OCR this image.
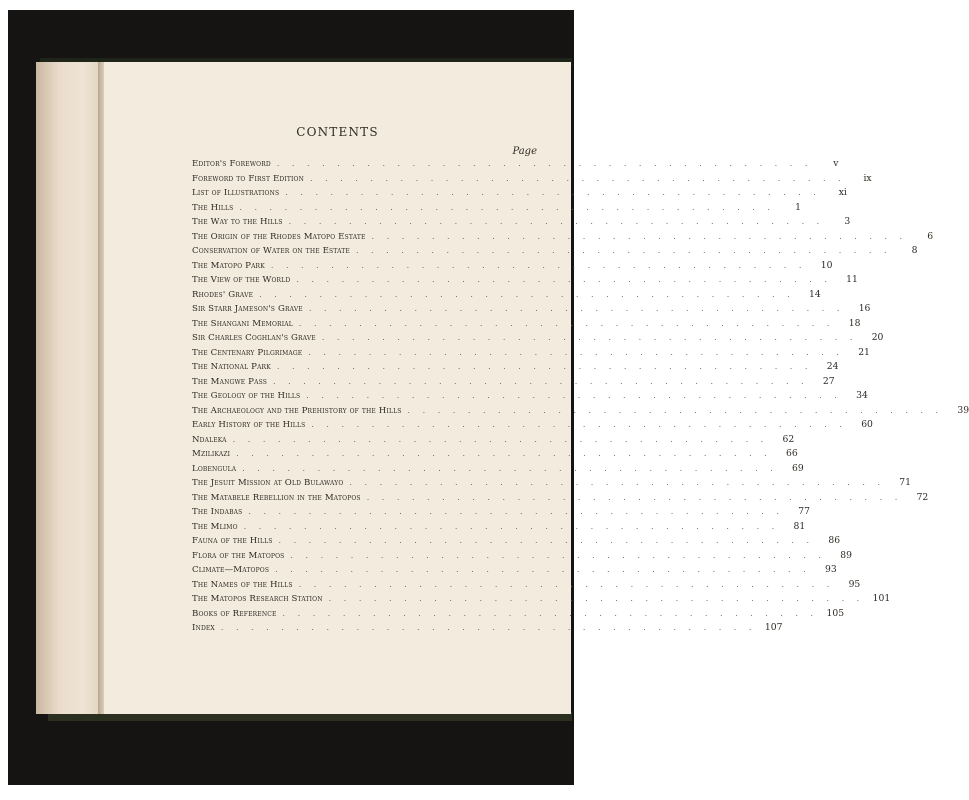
CONTENTS
Page
Editor's Foreword . . . . . . . . . . . . . . . . . . . . . . . . . . . . . . . . . . . .	v
Foreword to First Edition . . . . . . . . . . . . . . . . . . . . . . . . . . . . . . . . . . . .	ix
List of Illustrations . . . . . . . . . . . . . . . . . . . . . . . . . . . . . . . . . . . .	xi
The Hills . . . . . . . . . . . . . . . . . . . . . . . . . . . . . . . . . . . .	1
The Way to the Hills . . . . . . . . . . . . . . . . . . . . . . . . . . . . . . . . . . . .	3
The Origin of the Rhodes Matopo Estate . . . . . . . . . . . . . . . . . . . . . . . . . . . . . . . . . . . .	6
Conservation of Water on the Estate . . . . . . . . . . . . . . . . . . . . . . . . . . . . . . . . . . . .	8
The Matopo Park . . . . . . . . . . . . . . . . . . . . . . . . . . . . . . . . . . . .	10
The View of the World . . . . . . . . . . . . . . . . . . . . . . . . . . . . . . . . . . . .	11
Rhodes' Grave . . . . . . . . . . . . . . . . . . . . . . . . . . . . . . . . . . . .	14
Sir Starr Jameson's Grave . . . . . . . . . . . . . . . . . . . . . . . . . . . . . . . . . . . .	16
The Shangani Memorial . . . . . . . . . . . . . . . . . . . . . . . . . . . . . . . . . . . .	18
Sir Charles Coghlan's Grave . . . . . . . . . . . . . . . . . . . . . . . . . . . . . . . . . . . .	20
The Centenary Pilgrimage . . . . . . . . . . . . . . . . . . . . . . . . . . . . . . . . . . . .	21
The National Park . . . . . . . . . . . . . . . . . . . . . . . . . . . . . . . . . . . .	24
The Mangwe Pass . . . . . . . . . . . . . . . . . . . . . . . . . . . . . . . . . . . .	27
The Geology of the Hills . . . . . . . . . . . . . . . . . . . . . . . . . . . . . . . . . . . .	34
The Archaeology and the Prehistory of the Hills . . . . . . . . . . . . . . . . . . . . . . . . . . . . . . . . . . . .	39
Early History of the Hills . . . . . . . . . . . . . . . . . . . . . . . . . . . . . . . . . . . .	60
Ndaleka . . . . . . . . . . . . . . . . . . . . . . . . . . . . . . . . . . . .	62
Mzilikazi . . . . . . . . . . . . . . . . . . . . . . . . . . . . . . . . . . . .	66
Lobengula . . . . . . . . . . . . . . . . . . . . . . . . . . . . . . . . . . . .	69
The Jesuit Mission at Old Bulawayo . . . . . . . . . . . . . . . . . . . . . . . . . . . . . . . . . . . .	71
The Matabele Rebellion in the Matopos . . . . . . . . . . . . . . . . . . . . . . . . . . . . . . . . . . . .	72
The Indabas . . . . . . . . . . . . . . . . . . . . . . . . . . . . . . . . . . . .	77
The Mlimo . . . . . . . . . . . . . . . . . . . . . . . . . . . . . . . . . . . .	81
Fauna of the Hills . . . . . . . . . . . . . . . . . . . . . . . . . . . . . . . . . . . .	86
Flora of the Matopos . . . . . . . . . . . . . . . . . . . . . . . . . . . . . . . . . . . .	89
Climate—Matopos . . . . . . . . . . . . . . . . . . . . . . . . . . . . . . . . . . . .	93
The Names of the Hills . . . . . . . . . . . . . . . . . . . . . . . . . . . . . . . . . . . .	95
The Matopos Research Station . . . . . . . . . . . . . . . . . . . . . . . . . . . . . . . . . . . . 101
Books of Reference . . . . . . . . . . . . . . . . . . . . . . . . . . . . . . . . . . . . 105
Index . . . . . . . . . . . . . . . . . . . . . . . . . . . . . . . . . . . . 107
